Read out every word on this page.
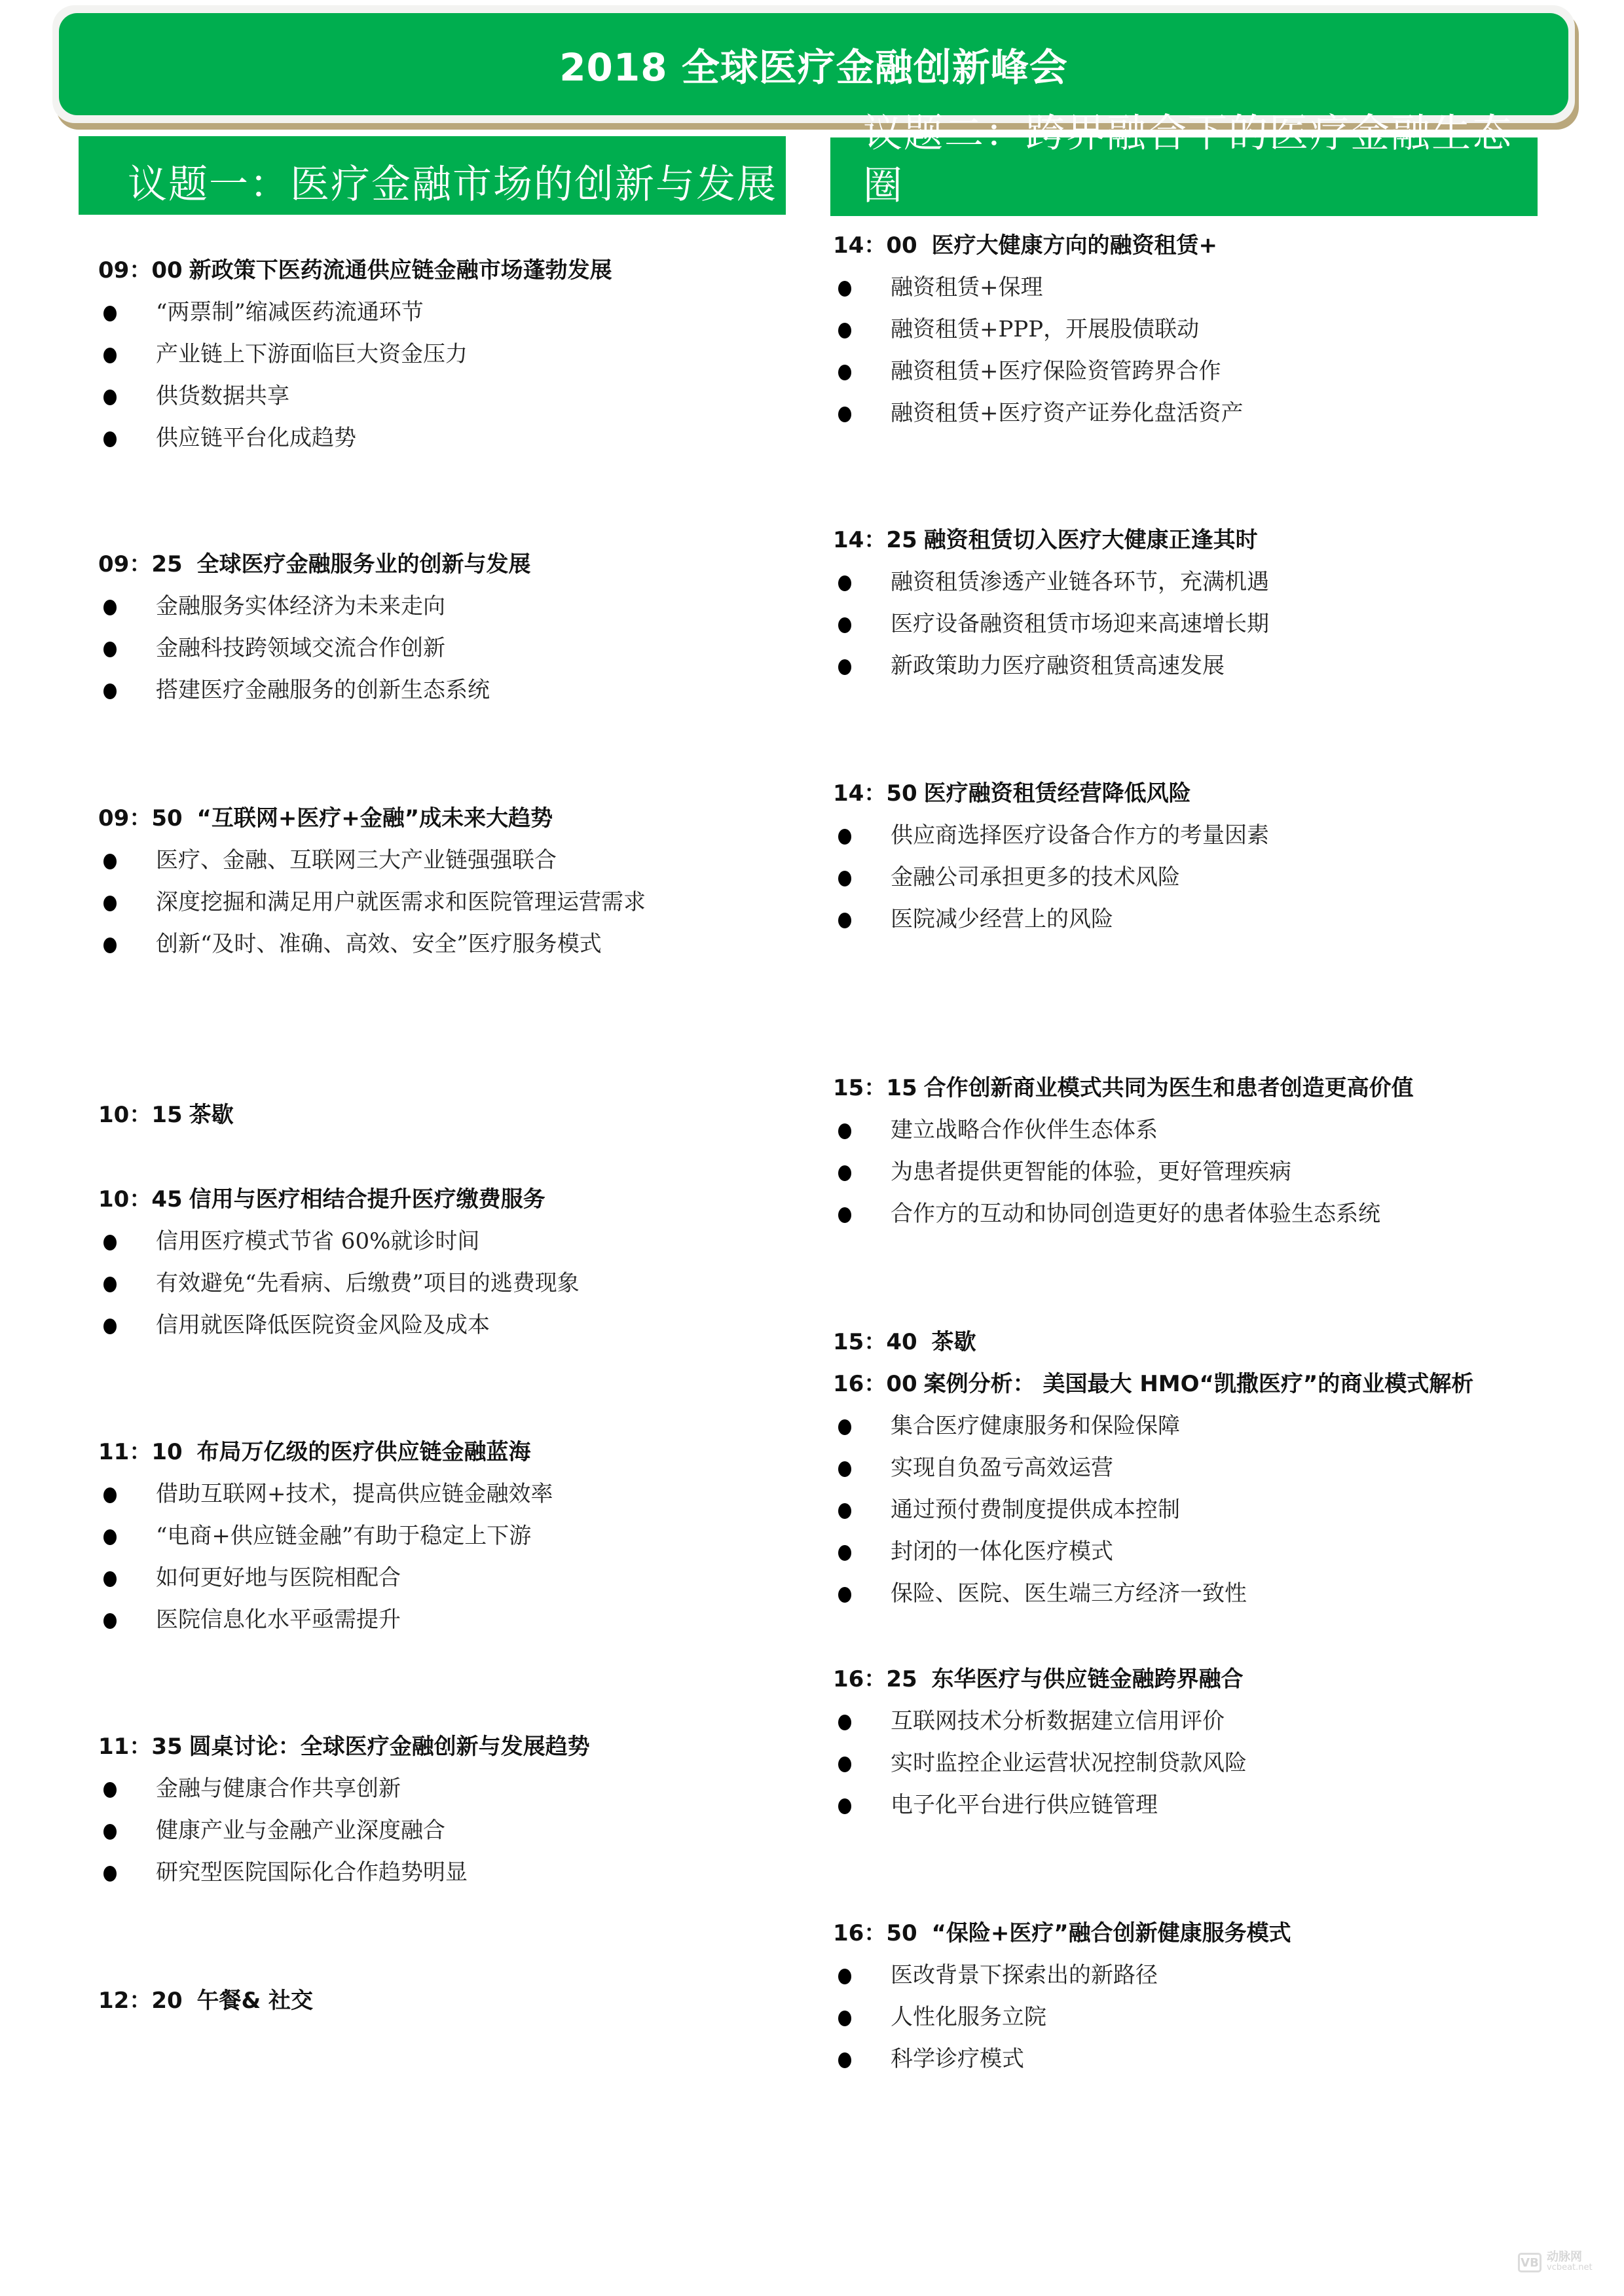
2018 全球医疗金融创新峰会
议题一：医疗金融市场的创新与发展
议题二：跨界融合下的医疗金融生态圈
09：00 新政策下医药流通供应链金融市场蓬勃发展
“两票制”缩减医药流通环节
产业链上下游面临巨大资金压力
供货数据共享
供应链平台化成趋势
09：25 全球医疗金融服务业的创新与发展
金融服务实体经济为未来走向
金融科技跨领域交流合作创新
搭建医疗金融服务的创新生态系统
09：50 “互联网+医疗+金融”成未来大趋势
医疗、金融、互联网三大产业链强强联合
深度挖掘和满足用户就医需求和医院管理运营需求
创新“及时、准确、高效、安全”医疗服务模式
10：15 茶歇
10：45 信用与医疗相结合提升医疗缴费服务
信用医疗模式节省 60%就诊时间
有效避免“先看病、后缴费”项目的逃费现象
信用就医降低医院资金风险及成本
11：10 布局万亿级的医疗供应链金融蓝海
借助互联网+技术，提高供应链金融效率
“电商+供应链金融”有助于稳定上下游
如何更好地与医院相配合
医院信息化水平亟需提升
11：35 圆桌讨论：全球医疗金融创新与发展趋势
金融与健康合作共享创新
健康产业与金融产业深度融合
研究型医院国际化合作趋势明显
12：20 午餐& 社交
14：00 医疗大健康方向的融资租赁+
融资租赁+保理
融资租赁+PPP，开展股债联动
融资租赁+医疗保险资管跨界合作
融资租赁+医疗资产证券化盘活资产
14：25 融资租赁切入医疗大健康正逢其时
融资租赁渗透产业链各环节，充满机遇
医疗设备融资租赁市场迎来高速增长期
新政策助力医疗融资租赁高速发展
14：50 医疗融资租赁经营降低风险
供应商选择医疗设备合作方的考量因素
金融公司承担更多的技术风险
医院减少经营上的风险
15：15 合作创新商业模式共同为医生和患者创造更高价值
建立战略合作伙伴生态体系
为患者提供更智能的体验，更好管理疾病
合作方的互动和协同创造更好的患者体验生态系统
15：40 茶歇
16：00 案例分析： 美国最大 HMO“凯撒医疗”的商业模式解析
集合医疗健康服务和保险保障
实现自负盈亏高效运营
通过预付费制度提供成本控制
封闭的一体化医疗模式
保险、医院、医生端三方经济一致性
16：25 东华医疗与供应链金融跨界融合
互联网技术分析数据建立信用评价
实时监控企业运营状况控制贷款风险
电子化平台进行供应链管理
16：50 “保险+医疗”融合创新健康服务模式
医改背景下探索出的新路径
人性化服务立院
科学诊疗模式
VB 动脉网
vcbeat.net
